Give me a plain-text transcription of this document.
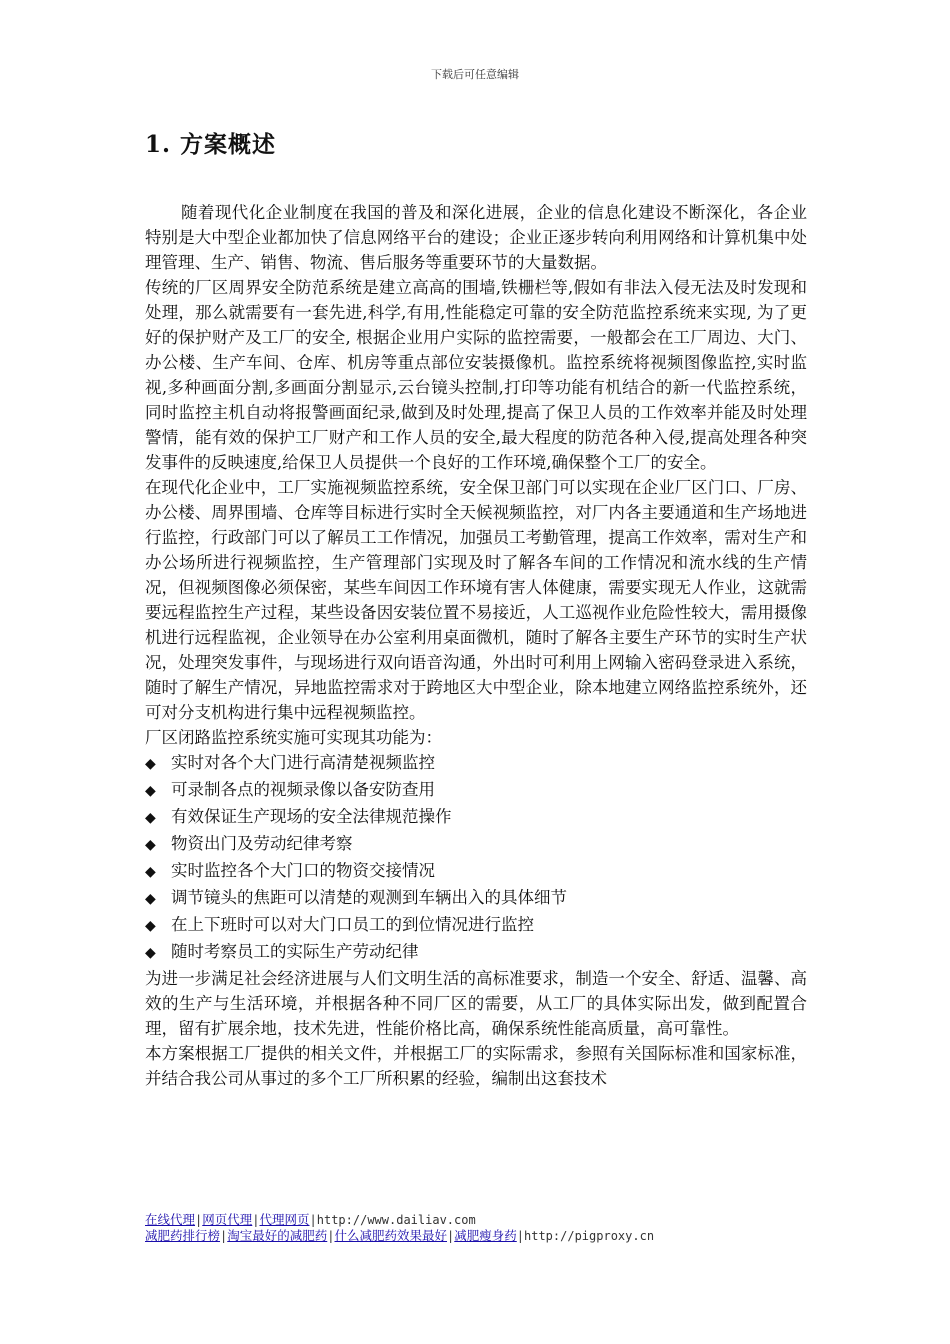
下载后可任意编辑
1. 方案概述

随着现代化企业制度在我国的普及和深化进展，企业的信息化建设不断深化，各企业特别是大中型企业都加快了信息网络平台的建设；企业正逐步转向利用网络和计算机集中处理管理、生产、销售、物流、售后服务等重要环节的大量数据。

传统的厂区周界安全防范系统是建立高高的围墙,铁栅栏等,假如有非法入侵无法及时发现和处理，那么就需要有一套先进,科学,有用,性能稳定可靠的安全防范监控系统来实现, 为了更好的保护财产及工厂的安全, 根据企业用户实际的监控需要，一般都会在工厂周边、大门、办公楼、生产车间、仓库、机房等重点部位安装摄像机。监控系统将视频图像监控,实时监视,多种画面分割,多画面分割显示,云台镜头控制,打印等功能有机结合的新一代监控系统，同时监控主机自动将报警画面纪录,做到及时处理,提高了保卫人员的工作效率并能及时处理警情，能有效的保护工厂财产和工作人员的安全,最大程度的防范各种入侵,提高处理各种突发事件的反映速度,给保卫人员提供一个良好的工作环境,确保整个工厂的安全。

在现代化企业中，工厂实施视频监控系统，安全保卫部门可以实现在企业厂区门口、厂房、办公楼、周界围墙、仓库等目标进行实时全天候视频监控，对厂内各主要通道和生产场地进行监控，行政部门可以了解员工工作情况，加强员工考勤管理，提高工作效率，需对生产和办公场所进行视频监控，生产管理部门实现及时了解各车间的工作情况和流水线的生产情况，但视频图像必须保密，某些车间因工作环境有害人体健康，需要实现无人作业，这就需要远程监控生产过程，某些设备因安装位置不易接近，人工巡视作业危险性较大，需用摄像机进行远程监视，企业领导在办公室利用桌面微机，随时了解各主要生产环节的实时生产状况，处理突发事件，与现场进行双向语音沟通，外出时可利用上网输入密码登录进入系统，随时了解生产情况，异地监控需求对于跨地区大中型企业，除本地建立网络监控系统外，还可对分支机构进行集中远程视频监控。

厂区闭路监控系统实施可实现其功能为：

◆ 实时对各个大门进行高清楚视频监控
◆ 可录制各点的视频录像以备安防查用
◆ 有效保证生产现场的安全法律规范操作
◆ 物资出门及劳动纪律考察
◆ 实时监控各个大门口的物资交接情况
◆ 调节镜头的焦距可以清楚的观测到车辆出入的具体细节
◆ 在上下班时可以对大门口员工的到位情况进行监控
◆ 随时考察员工的实际生产劳动纪律

为进一步满足社会经济进展与人们文明生活的高标准要求，制造一个安全、舒适、温馨、高效的生产与生活环境，并根据各种不同厂区的需要，从工厂的具体实际出发，做到配置合理，留有扩展余地，技术先进，性能价格比高，确保系统性能高质量，高可靠性。

本方案根据工厂提供的相关文件，并根据工厂的实际需求，参照有关国际标准和国家标准，并结合我公司从事过的多个工厂所积累的经验，编制出这套技术

在线代理|网页代理|代理网页|http://www.dailiav.com
减肥药排行榜|淘宝最好的减肥药|什么减肥药效果最好|减肥瘦身药|http://pigproxy.cn
